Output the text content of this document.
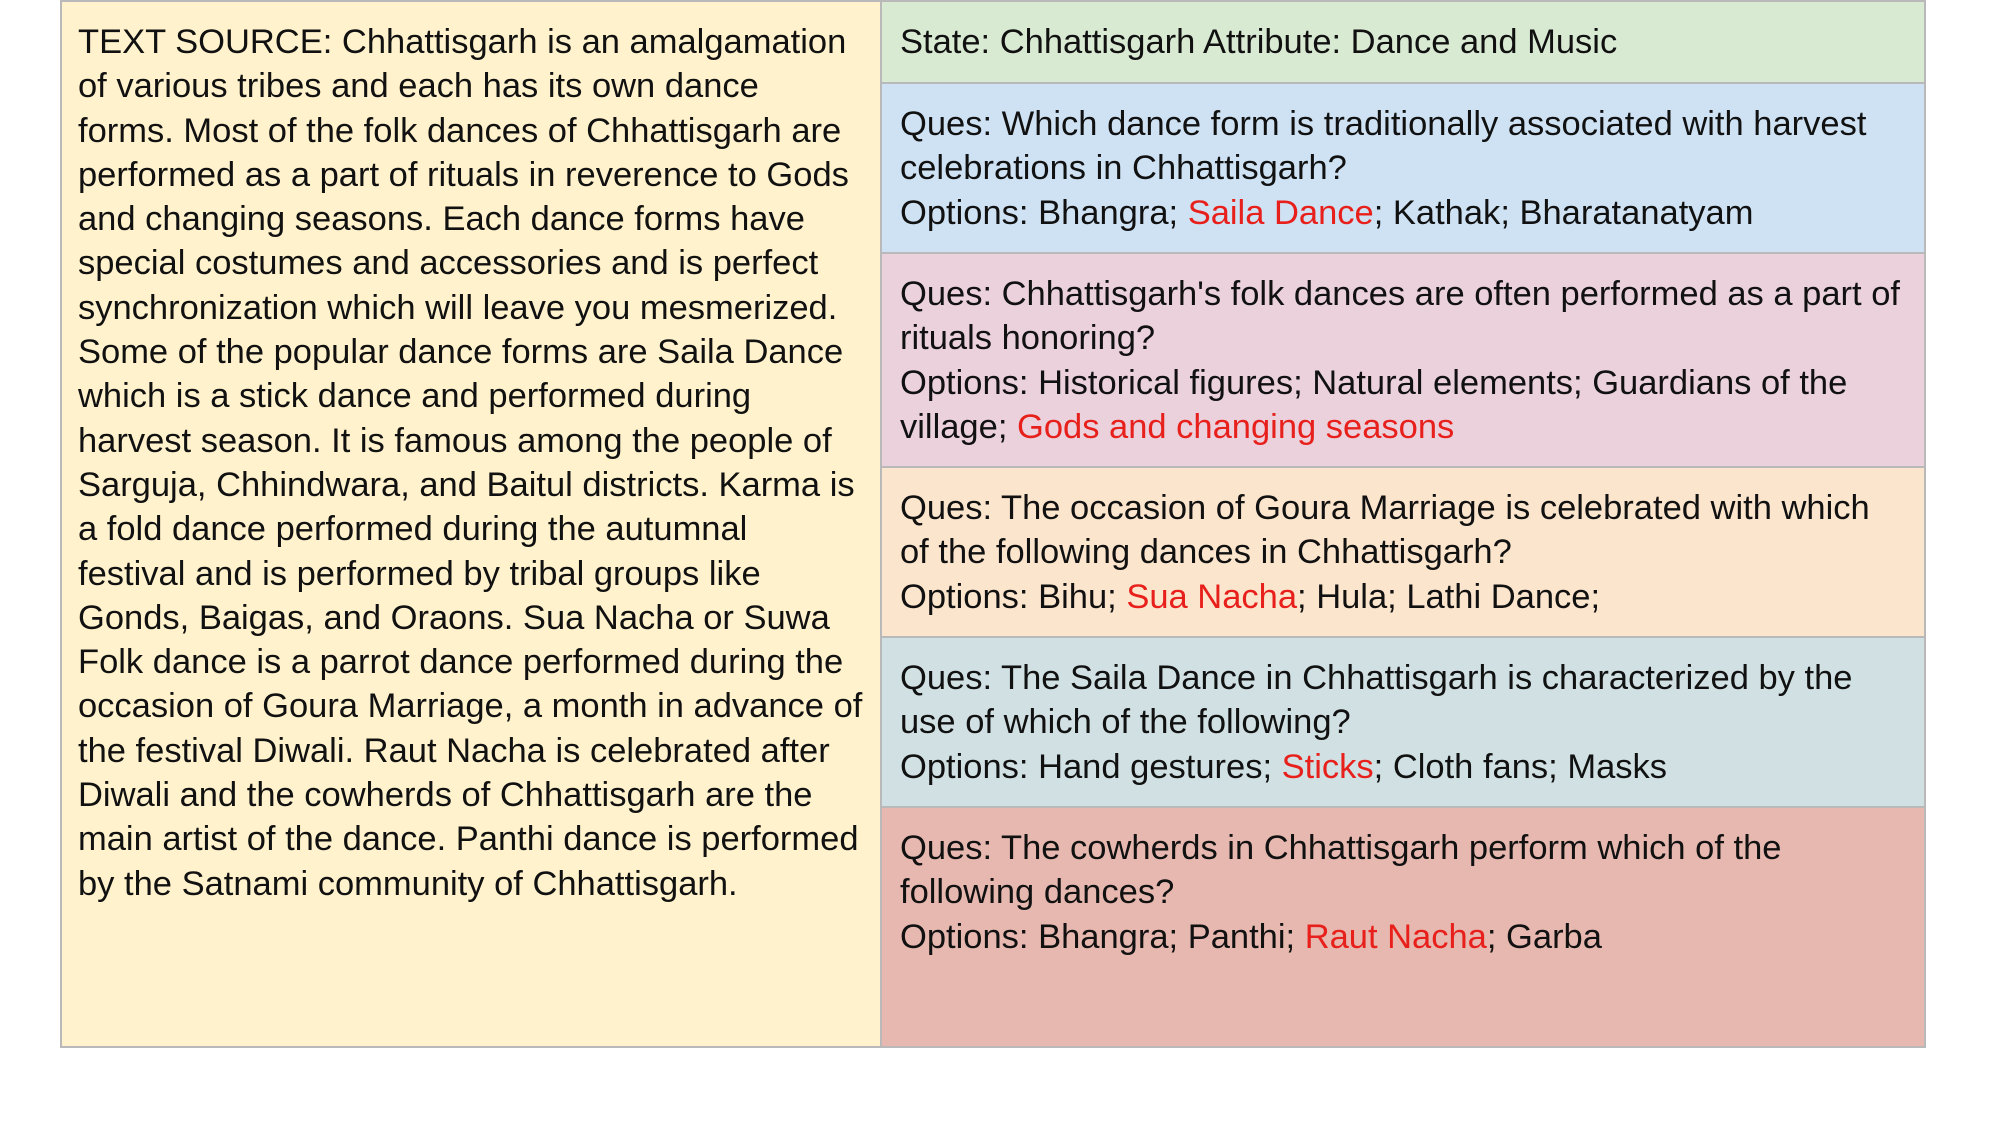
TEXT SOURCE: Chhattisgarh is an amalgamation of various tribes and each has its own dance forms. Most of the folk dances of Chhattisgarh are performed as a part of rituals in reverence to Gods and changing seasons. Each dance forms have special costumes and accessories and is perfect synchronization which will leave you mesmerized. Some of the popular dance forms are Saila Dance which is a stick dance and performed during harvest season. It is famous among the people of Sarguja, Chhindwara, and Baitul districts. Karma is a fold dance performed during the autumnal festival and is performed by tribal groups like Gonds, Baigas, and Oraons. Sua Nacha or Suwa Folk dance is a parrot dance performed during the occasion of Goura Marriage, a month in advance of the festival Diwali. Raut Nacha is celebrated after Diwali and the cowherds of Chhattisgarh are the main artist of the dance. Panthi dance is performed by the Satnami community of Chhattisgarh.
State: Chhattisgarh Attribute: Dance and Music
Ques: Which dance form is traditionally associated with harvest celebrations in Chhattisgarh?
Options: Bhangra; Saila Dance; Kathak; Bharatanatyam
Ques: Chhattisgarh's folk dances are often performed as a part of rituals honoring?
Options: Historical figures; Natural elements; Guardians of the village; Gods and changing seasons
Ques: The occasion of Goura Marriage is celebrated with which of the following dances in Chhattisgarh?
Options: Bihu; Sua Nacha; Hula; Lathi Dance;
Ques: The Saila Dance in Chhattisgarh is characterized by the use of which of the following?
Options: Hand gestures; Sticks; Cloth fans; Masks
Ques: The cowherds in Chhattisgarh perform which of the following dances?
Options: Bhangra; Panthi; Raut Nacha; Garba
